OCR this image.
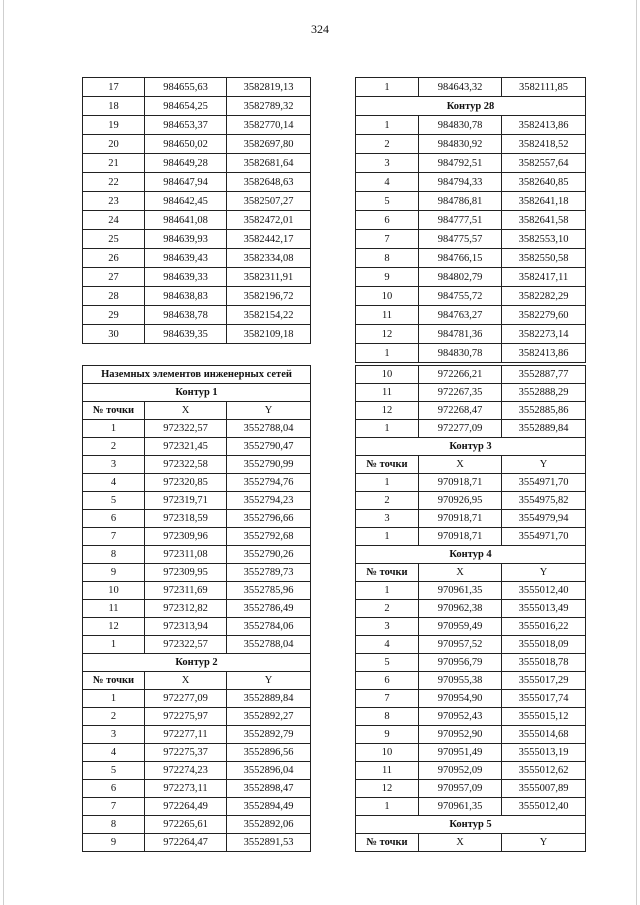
324
17	984655,63	3582819,13
18	984654,25	3582789,32
19	984653,37	3582770,14
20	984650,02	3582697,80
21	984649,28	3582681,64
22	984647,94	3582648,63
23	984642,45	3582507,27
24	984641,08	3582472,01
25	984639,93	3582442,17
26	984639,43	3582334,08
27	984639,33	3582311,91
28	984638,83	3582196,72
29	984638,78	3582154,22
30	984639,35	3582109,18
1	984643,32	3582111,85
Контур 28		
1	984830,78	3582413,86
2	984830,92	3582418,52
3	984792,51	3582557,64
4	984794,33	3582640,85
5	984786,81	3582641,18
6	984777,51	3582641,58
7	984775,57	3582553,10
8	984766,15	3582550,58
9	984802,79	3582417,11
10	984755,72	3582282,29
11	984763,27	3582279,60
12	984781,36	3582273,14
1	984830,78	3582413,86
Наземных элементов инженерных сетей		
Контур 1		
№ точки	X	Y
1	972322,57	3552788,04
2	972321,45	3552790,47
3	972322,58	3552790,99
4	972320,85	3552794,76
5	972319,71	3552794,23
6	972318,59	3552796,66
7	972309,96	3552792,68
8	972311,08	3552790,26
9	972309,95	3552789,73
10	972311,69	3552785,96
11	972312,82	3552786,49
12	972313,94	3552784,06
1	972322,57	3552788,04
Контур 2		
№ точки	X	Y
1	972277,09	3552889,84
2	972275,97	3552892,27
3	972277,11	3552892,79
4	972275,37	3552896,56
5	972274,23	3552896,04
6	972273,11	3552898,47
7	972264,49	3552894,49
8	972265,61	3552892,06
9	972264,47	3552891,53
10	972266,21	3552887,77
11	972267,35	3552888,29
12	972268,47	3552885,86
1	972277,09	3552889,84
Контур 3		
№ точки	X	Y
1	970918,71	3554971,70
2	970926,95	3554975,82
3	970918,71	3554979,94
1	970918,71	3554971,70
Контур 4		
№ точки	X	Y
1	970961,35	3555012,40
2	970962,38	3555013,49
3	970959,49	3555016,22
4	970957,52	3555018,09
5	970956,79	3555018,78
6	970955,38	3555017,29
7	970954,90	3555017,74
8	970952,43	3555015,12
9	970952,90	3555014,68
10	970951,49	3555013,19
11	970952,09	3555012,62
12	970957,09	3555007,89
1	970961,35	3555012,40
Контур 5		
№ точки	X	Y
